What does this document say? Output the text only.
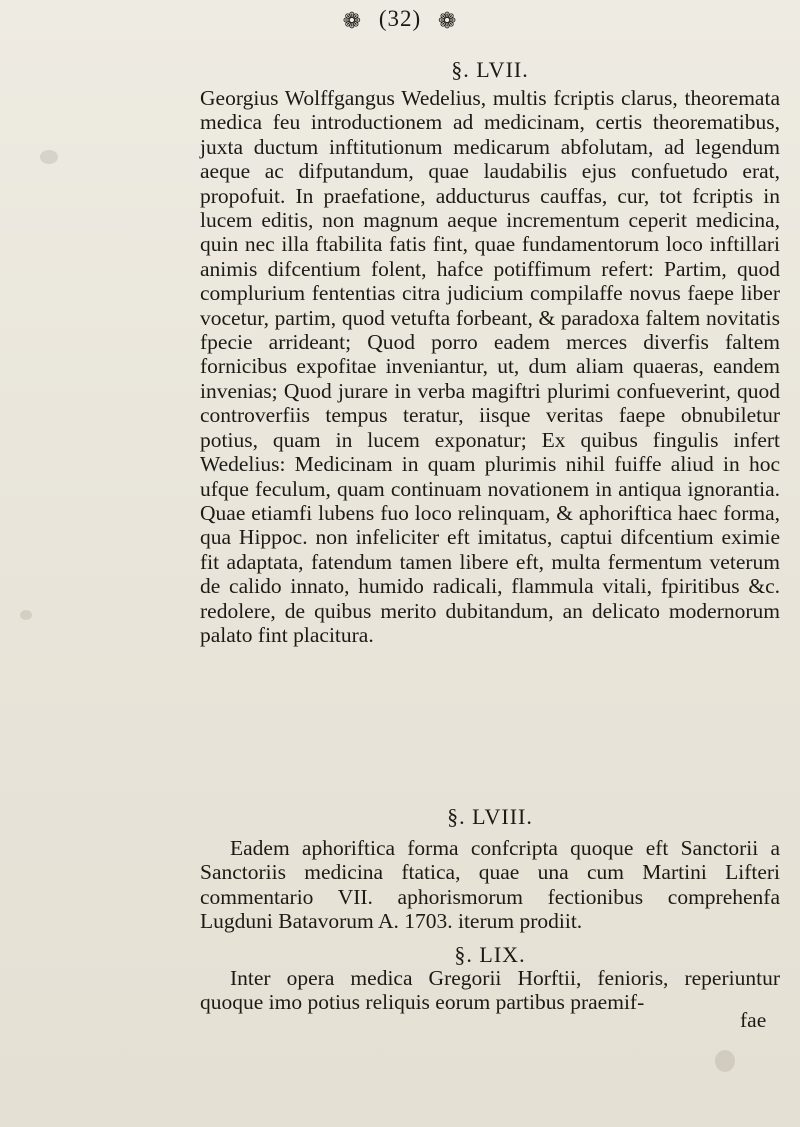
❁ (32) ❁
§. LVII.
Georgius Wolffgangus Wedelius, multis fcriptis clarus, theoremata medica feu introductionem ad medicinam, certis theorematibus, juxta ductum inftitutionum medicarum abfolutam, ad legendum aeque ac difputandum, quae laudabilis ejus confuetudo erat, propofuit. In praefatione, adducturus cauffas, cur, tot fcriptis in lucem editis, non magnum aeque incrementum ceperit medicina, quin nec illa ftabilita fatis fint, quae fundamentorum loco inftillari animis difcentium folent, hafce potiffimum refert: Partim, quod complurium fententias citra judicium compilaffe novus faepe liber vocetur, partim, quod vetufta forbeant, & paradoxa faltem novitatis fpecie arrideant; Quod porro eadem merces diverfis faltem fornicibus expofitae inveniantur, ut, dum aliam quaeras, eandem invenias; Quod jurare in verba magiftri plurimi confueverint, quod controverfiis tempus teratur, iisque veritas faepe obnubiletur potius, quam in lucem exponatur; Ex quibus fingulis infert Wedelius: Medicinam in quam plurimis nihil fuiffe aliud in hoc ufque feculum, quam continuam novationem in antiqua ignorantia. Quae etiamfi lubens fuo loco relinquam, & aphoriftica haec forma, qua Hippoc. non infeliciter eft imitatus, captui difcentium eximie fit adaptata, fatendum tamen libere eft, multa fermentum veterum de calido innato, humido radicali, flammula vitali, fpiritibus &c. redolere, de quibus merito dubitandum, an delicato modernorum palato fint placitura.
§. LVIII.
Eadem aphoriftica forma confcripta quoque eft Sanctorii a Sanctoriis medicina ftatica, quae una cum Martini Lifteri commentario VII. aphorismorum fectionibus comprehenfa Lugduni Batavorum A. 1703. iterum prodiit.
§. LIX.
Inter opera medica Gregorii Horftii, fenioris, reperiuntur quoque imo potius reliquis eorum partibus praemif-
fae
